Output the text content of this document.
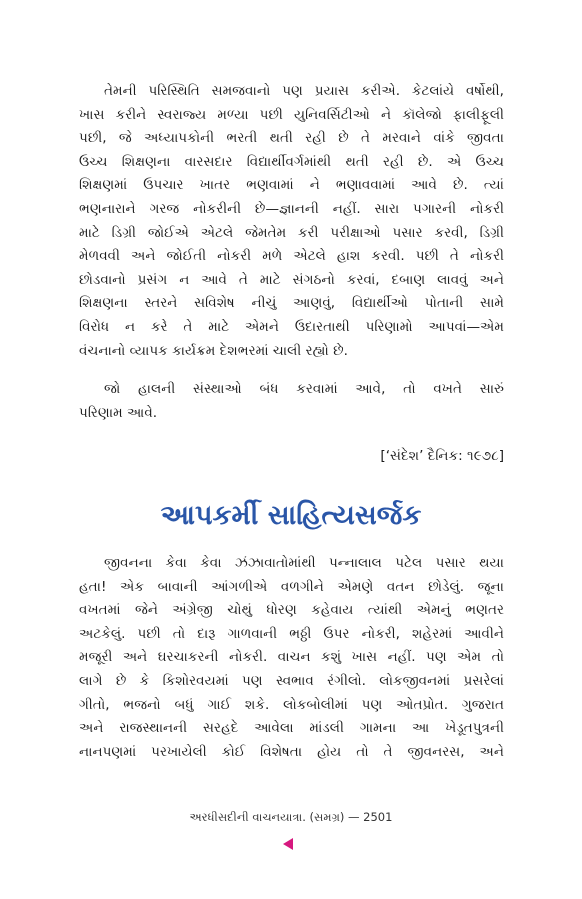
તેમની પરિસ્થિતિ સમજવાનો પણ પ્રયાસ કરીએ. કેટલાંયે વર્ષોથી,
ખાસ કરીને સ્વરાજ્ય મળ્યા પછી યુનિવર્સિટીઓ ને કૉલેજો ફાલીફૂલી
પછી, જે અધ્યાપકોની ભરતી થતી રહી છે તે મરવાને વાંકે જીવતા
ઉચ્ચ શિક્ષણના વારસદાર વિદ્યાર્થીવર્ગમાંથી થતી રહી છે. એ ઉચ્ચ
શિક્ષણમાં ઉપચાર ખાતર ભણવામાં ને ભણાવવામાં આવે છે. ત્યાં
ભણનારાને ગરજ નોકરીની છે—જ્ઞાનની નહીં. સારા પગારની નોકરી
માટે ડિગ્રી જોઈએ એટલે જેમતેમ કરી પરીક્ષાઓ પસાર કરવી, ડિગ્રી
મેળવવી અને જોઈતી નોકરી મળે એટલે હાશ કરવી. પછી તે નોકરી
છોડવાનો પ્રસંગ ન આવે તે માટે સંગઠનો કરવાં, દબાણ લાવવું અને
શિક્ષણના સ્તરને સવિશેષ નીચું આણવું, વિદ્યાર્થીઓ પોતાની સામે
વિરોધ ન કરે તે માટે એમને ઉદારતાથી પરિણામો આપવાં—એમ
વંચનાનો વ્યાપક કાર્યક્રમ દેશભરમાં ચાલી રહ્યો છે.
જો હાલની સંસ્થાઓ બંધ કરવામાં આવે, તો વખતે સારું
પરિણામ આવે.

[‘સંદેશ’ દૈનિક: ૧૯૭૮]

આપકર્મી સાહિત્યસર્જક
જીવનના કેવા કેવા ઝંઝાવાતોમાંથી પન્નાલાલ પટેલ પસાર થયા
હતા! એક બાવાની આંગળીએ વળગીને એમણે વતન છોડેલું. જૂના
વખતમાં જેને અંગ્રેજી ચોથું ધોરણ કહેવાય ત્યાંથી એમનું ભણતર
અટકેલું. પછી તો દારૂ ગાળવાની ભઠ્ઠી ઉપર નોકરી, શહેરમાં આવીને
મજૂરી અને ઘરચાકરની નોકરી. વાચન કશું ખાસ નહીં. પણ એમ તો
લાગે છે કે કિશોરવયમાં પણ સ્વભાવ રંગીલો. લોકજીવનમાં પ્રસરેલાં
ગીતો, ભજનો બધું ગાઈ શકે. લોકબોલીમાં પણ ઓતપ્રોત. ગુજરાત
અને રાજસ્થાનની સરહદે આવેલા માંડલી ગામના આ ખેડૂતપુત્રની
નાનપણમાં પરખાયેલી કોઈ વિશેષતા હોય તો તે જીવનરસ, અને

અરધીસદીની વાચનયાત્રા. (સમગ્ર) — 2501
